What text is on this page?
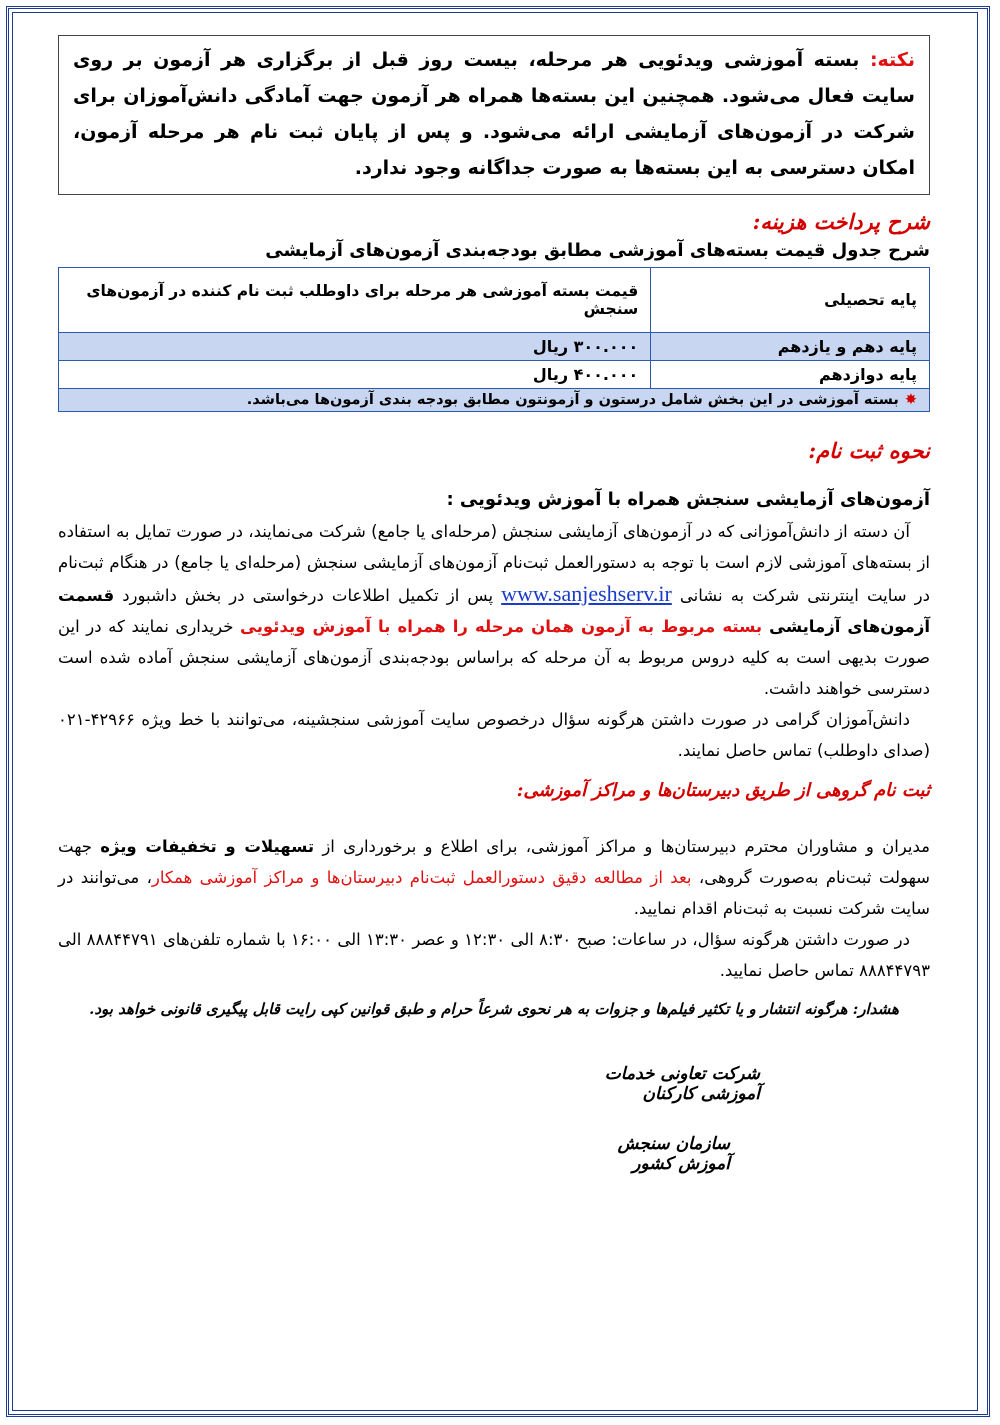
نکته: بسته آموزشی ویدئویی هر مرحله، بیست روز قبل از برگزاری هر آزمون بر روی سایت فعال می‌شود. همچنین این بسته‌ها همراه هر آزمون جهت آمادگی دانش‌آموزان برای شرکت در آزمون‌های آزمایشی ارائه می‌شود. و پس از پایان ثبت نام هر مرحله آزمون، امکان دسترسی به این بسته‌ها به صورت جداگانه وجود ندارد.
شرح پرداخت هزینه:
شرح جدول قیمت بسته‌های آموزشی مطابق بودجه‌بندی آزمون‌های آزمایشی
پایه تحصیلی	قیمت بسته آموزشی هر مرحله برای داوطلب ثبت نام کننده در آزمون‌های سنجش
پایه دهم و یازدهم	۳۰۰.۰۰۰ ریال
پایه دوازدهم	۴۰۰.۰۰۰ ریال
✸بسته آموزشی در این بخش شامل درستون و آزمونتون مطابق بودجه بندی آزمون‌ها می‌باشد.	
نحوه ثبت نام:
آزمون‌های آزمایشی سنجش همراه با آموزش ویدئویی :
آن دسته از دانش‌آموزانی که در آزمون‌های آزمایشی سنجش (مرحله‌ای یا جامع) شرکت می‌نمایند، در صورت تمایل به استفاده از بسته‌های آموزشی لازم است با توجه به دستورالعمل ثبت‌نام آزمون‌های آزمایشی سنجش (مرحله‌ای یا جامع) در هنگام ثبت‌نام در سایت اینترنتی شرکت به نشانی www.sanjeshserv.ir پس از تکمیل اطلاعات درخواستی در بخش داشبورد قسمت آزمون‌های آزمایشی بسته مربوط به آزمون همان مرحله را همراه با آموزش ویدئویی خریداری نمایند که در این صورت بدیهی است به کلیه دروس مربوط به آن مرحله که براساس بودجه‌بندی آزمون‌های آزمایشی سنجش آماده شده است دسترسی خواهند داشت.
دانش‌آموزان گرامی در صورت داشتن هرگونه سؤال درخصوص سایت آموزشی سنجشینه، می‌توانند با خط ویژه ۴۲۹۶۶-۰۲۱ (صدای داوطلب) تماس حاصل نمایند.
ثبت نام گروهی از طریق دبیرستان‌ها و مراکز آموزشی:
مدیران و مشاوران محترم دبیرستان‌ها و مراکز آموزشی، برای اطلاع و برخورداری از تسهیلات و تخفیفات ویژه جهت سهولت ثبت‌نام به‌صورت گروهی، بعد از مطالعه دقیق دستورالعمل ثبت‌نام دبیرستان‌ها و مراکز آموزشی همکار، می‌توانند در سایت شرکت نسبت به ثبت‌نام اقدام نمایید.
در صورت داشتن هرگونه سؤال، در ساعات: صبح ۸:۳۰ الی ۱۲:۳۰ و عصر ۱۳:۳۰ الی ۱۶:۰۰ با شماره تلفن‌های ۸۸۸۴۴۷۹۱ الی ۸۸۸۴۴۷۹۳ تماس حاصل نمایید.
هشدار: هرگونه انتشار و یا تکثیر فیلم‌ها و جزوات به هر نحوی شرعاً حرام و طبق قوانین کپی رایت قابل پیگیری قانونی خواهد بود.
شرکت تعاونی خدمات آموزشی کارکنان
سازمان سنجش آموزش کشور
